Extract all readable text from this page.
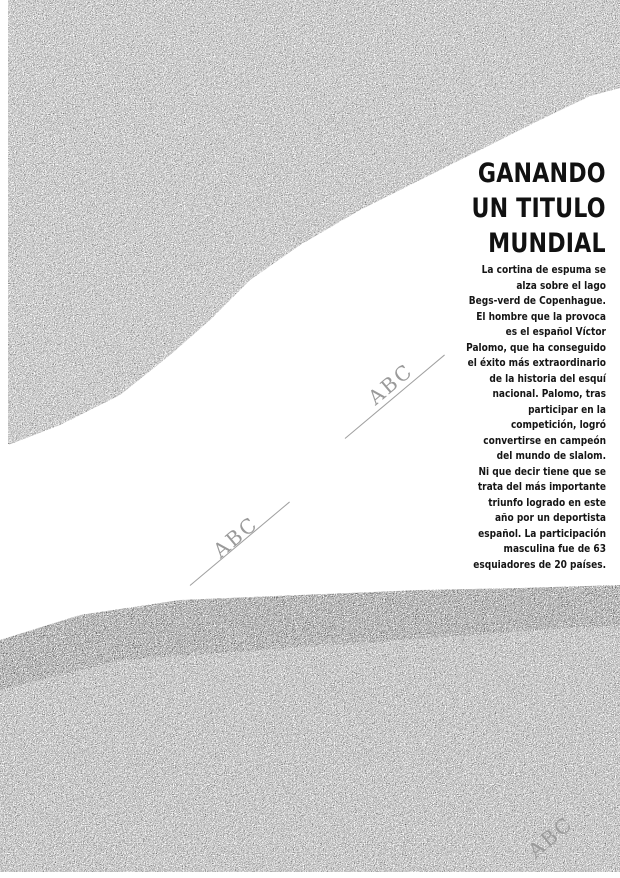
ABC
ABC
ABC
GANANDO
UN TITULO
MUNDIAL

La cortina de espuma se
alza sobre el lago
Begs-verd de Copenhague.
El hombre que la provoca
es el español Víctor
Palomo, que ha conseguido
el éxito más extraordinario
de la historia del esquí
nacional. Palomo, tras
participar en la
competición, logró
convertirse en campeón
del mundo de slalom.
Ni que decir tiene que se
trata del más importante
triunfo logrado en este
año por un deportista
español. La participación
masculina fue de 63
esquiadores de 20 países.
